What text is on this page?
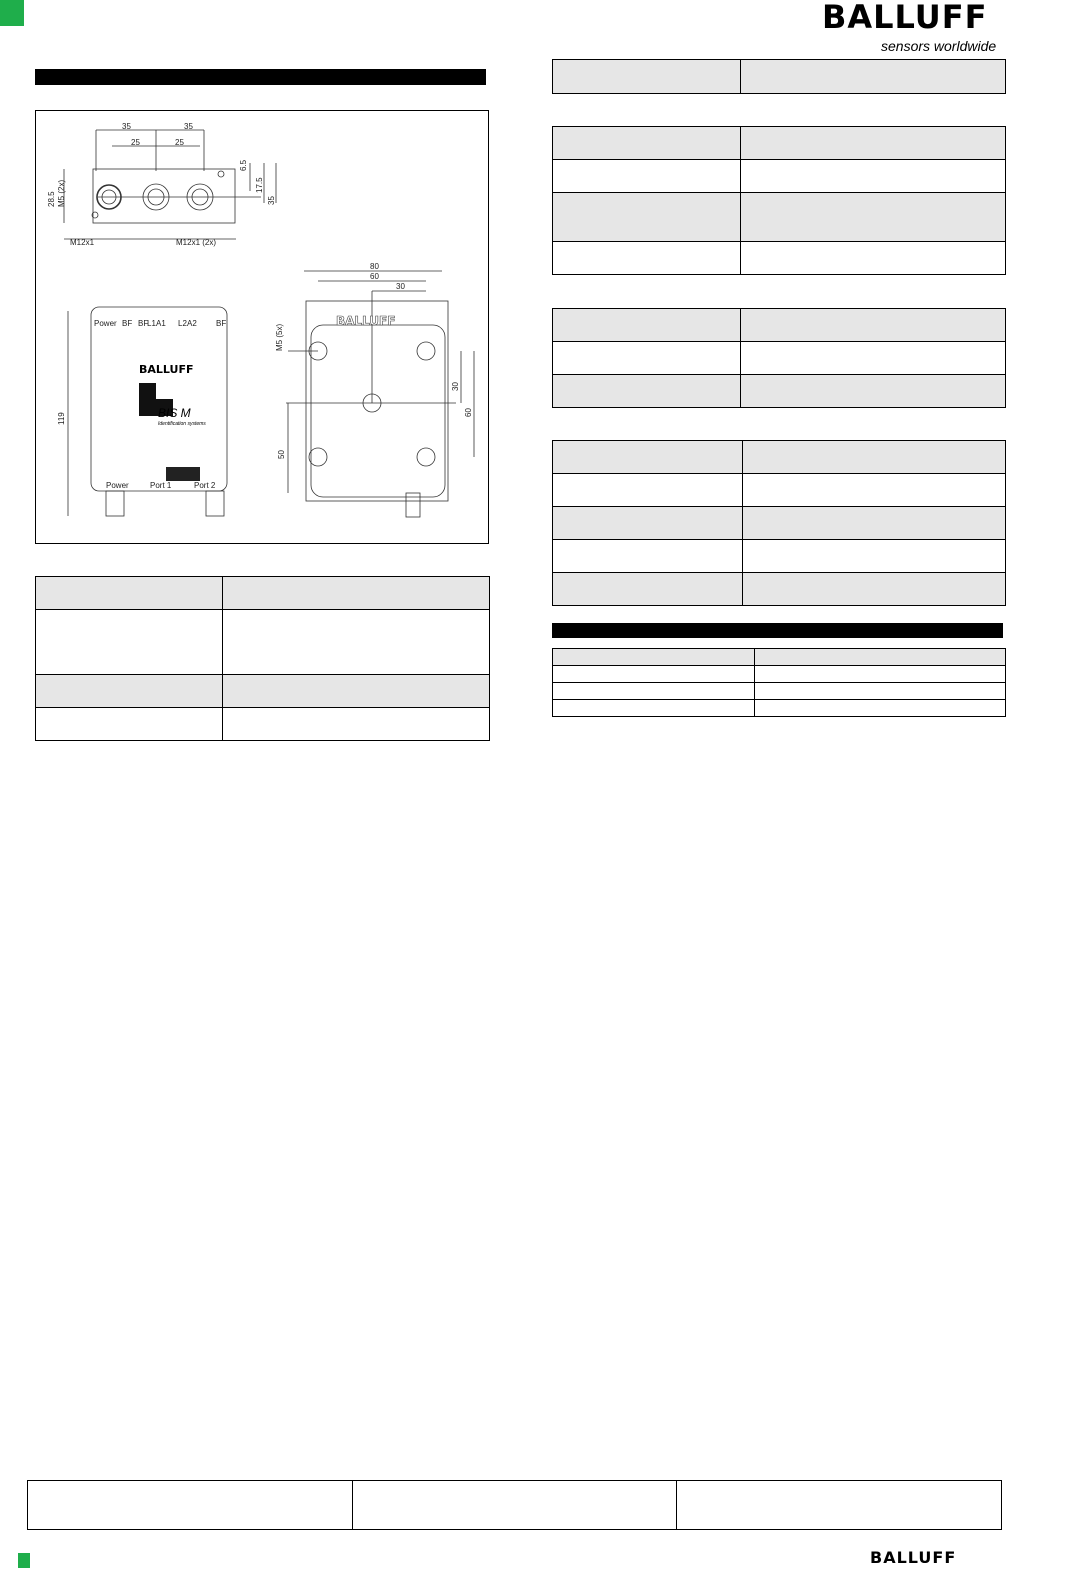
BALLUFF
sensors worldwide
35	35
25	25
6.5
17.5
35
28.5 M5 (2x)
M12x1	M12x1 (2x)
Power BF BF
L1 A1 L2 A2 BF
BALLUFF
BIS M
Identification systems
Power	Port 1	Port 2
119
80
60
30
M5 (5x)
30
60
50
BALLUFF

BALLUFF
